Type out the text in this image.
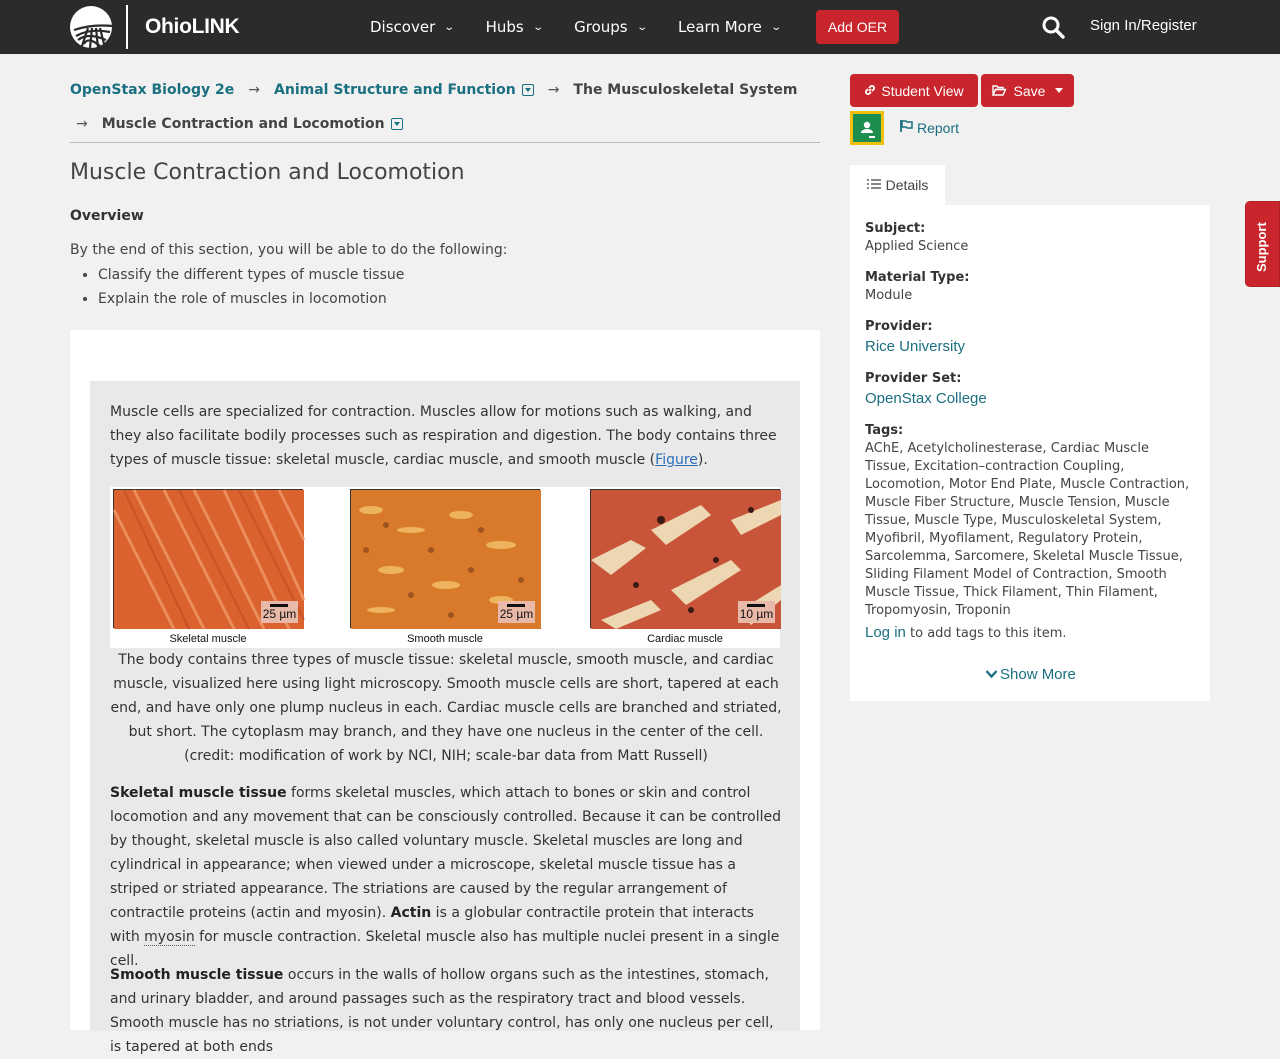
OhioLINK	Discover ⌄ Hubs ⌄ Groups ⌄ Learn More ⌄	Add OER	Sign In/Register
OpenStax Biology 2e → Animal Structure and Function → The Musculoskeletal System
→ Muscle Contraction and Locomotion
Muscle Contraction and Locomotion
Overview
By the end of this section, you will be able to do the following:
• Classify the different types of muscle tissue
• Explain the role of muscles in locomotion

Muscle cells are specialized for contraction. Muscles allow for motions such as walking, and they also facilitate bodily processes such as respiration and digestion. The body contains three types of muscle tissue: skeletal muscle, cardiac muscle, and smooth muscle (Figure).

25 µm
Skeletal muscle
25 µm
Smooth muscle
10 µm
Cardiac muscle

The body contains three types of muscle tissue: skeletal muscle, smooth muscle, and cardiac muscle, visualized here using light microscopy. Smooth muscle cells are short, tapered at each end, and have only one plump nucleus in each. Cardiac muscle cells are branched and striated, but short. The cytoplasm may branch, and they have one nucleus in the center of the cell. (credit: modification of work by NCI, NIH; scale-bar data from Matt Russell)

Skeletal muscle tissue forms skeletal muscles, which attach to bones or skin and control locomotion and any movement that can be consciously controlled. Because it can be controlled by thought, skeletal muscle is also called voluntary muscle. Skeletal muscles are long and cylindrical in appearance; when viewed under a microscope, skeletal muscle tissue has a striped or striated appearance. The striations are caused by the regular arrangement of contractile proteins (actin and myosin). Actin is a globular contractile protein that interacts with myosin for muscle contraction. Skeletal muscle also has multiple nuclei present in a single cell.

Smooth muscle tissue occurs in the walls of hollow organs such as the intestines, stomach, and urinary bladder, and around passages such as the respiratory tract and blood vessels. Smooth muscle has no striations, is not under voluntary control, has only one nucleus per cell, is tapered at both ends

Student View	Save
Report
Details
Subject:
Applied Science
Material Type:
Module
Provider:
Rice University
Provider Set:
OpenStax College
Tags:
AChE, Acetylcholinesterase, Cardiac Muscle Tissue, Excitation–contraction Coupling, Locomotion, Motor End Plate, Muscle Contraction, Muscle Fiber Structure, Muscle Tension, Muscle Tissue, Muscle Type, Musculoskeletal System, Myofibril, Myofilament, Regulatory Protein, Sarcolemma, Sarcomere, Skeletal Muscle Tissue, Sliding Filament Model of Contraction, Smooth Muscle Tissue, Thick Filament, Thin Filament, Tropomyosin, Troponin
Log in to add tags to this item.
Show More
Support
